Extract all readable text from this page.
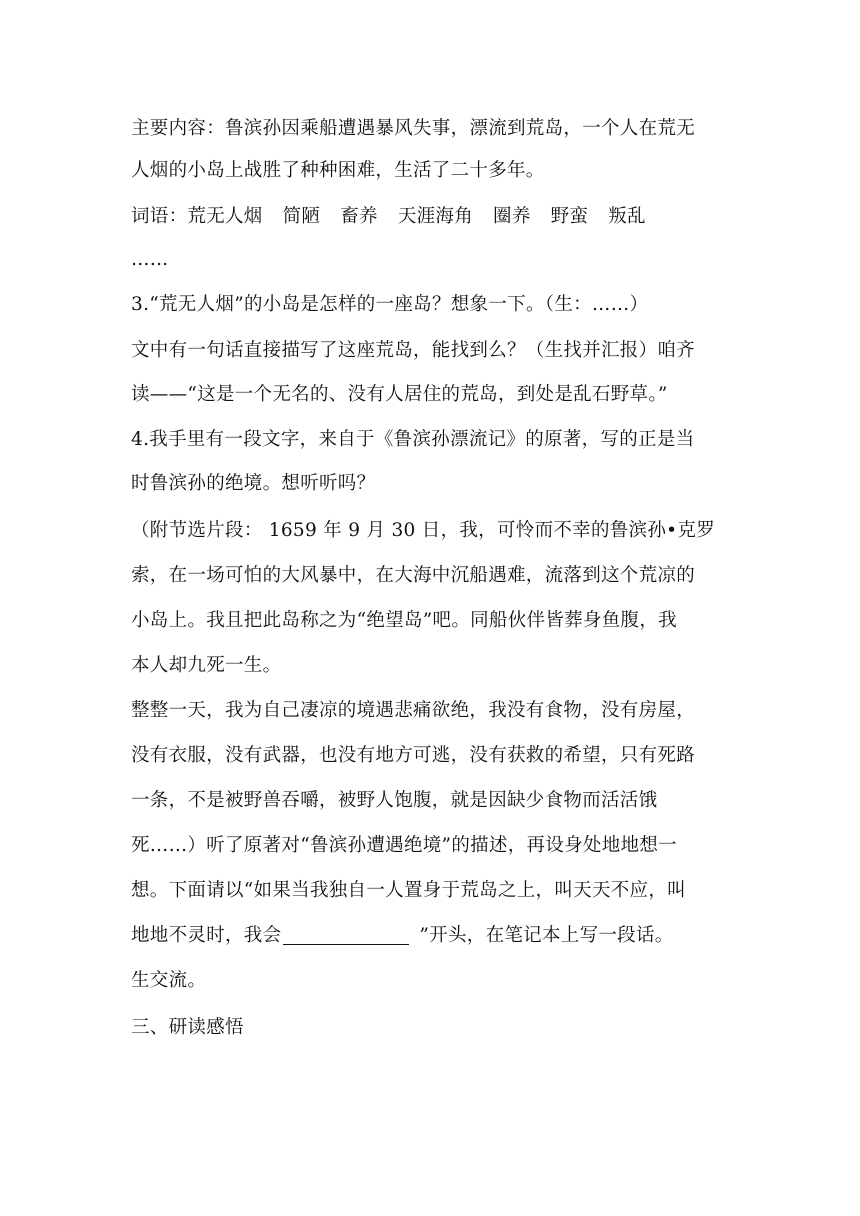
主要内容：鲁滨孙因乘船遭遇暴风失事，漂流到荒岛，一个人在荒无
人烟的小岛上战胜了种种困难，生活了二十多年。
词语： 荒无人烟 简陋 畜养 天涯海角 圈养 野蛮 叛乱
……
3.“荒无人烟”的小岛是怎样的一座岛？想象一下。（生：……）
文中有一句话直接描写了这座荒岛，能找到么？（生找并汇报）咱齐
读——“这是一个无名的、没有人居住的荒岛，到处是乱石野草。”
4.我手里有一段文字，来自于《鲁滨孙漂流记》的原著，写的正是当
时鲁滨孙的绝境。想听听吗？
（附节选片段： 1659 年 9 月 30 日，我，可怜而不幸的鲁滨孙•克罗
索，在一场可怕的大风暴中，在大海中沉船遇难，流落到这个荒凉的
小岛上。我且把此岛称之为“绝望岛”吧。同船伙伴皆葬身鱼腹，我
本人却九死一生。
整整一天，我为自己凄凉的境遇悲痛欲绝，我没有食物，没有房屋，
没有衣服，没有武器，也没有地方可逃，没有获救的希望，只有死路
一条，不是被野兽吞嚼，被野人饱腹，就是因缺少食物而活活饿
死……）听了原著对“鲁滨孙遭遇绝境”的描述，再设身处地地想一
想。下面请以“如果当我独自一人置身于荒岛之上，叫天天不应，叫
地地不灵时，我会	”开头，在笔记本上写一段话。
生交流。
三、研读感悟
